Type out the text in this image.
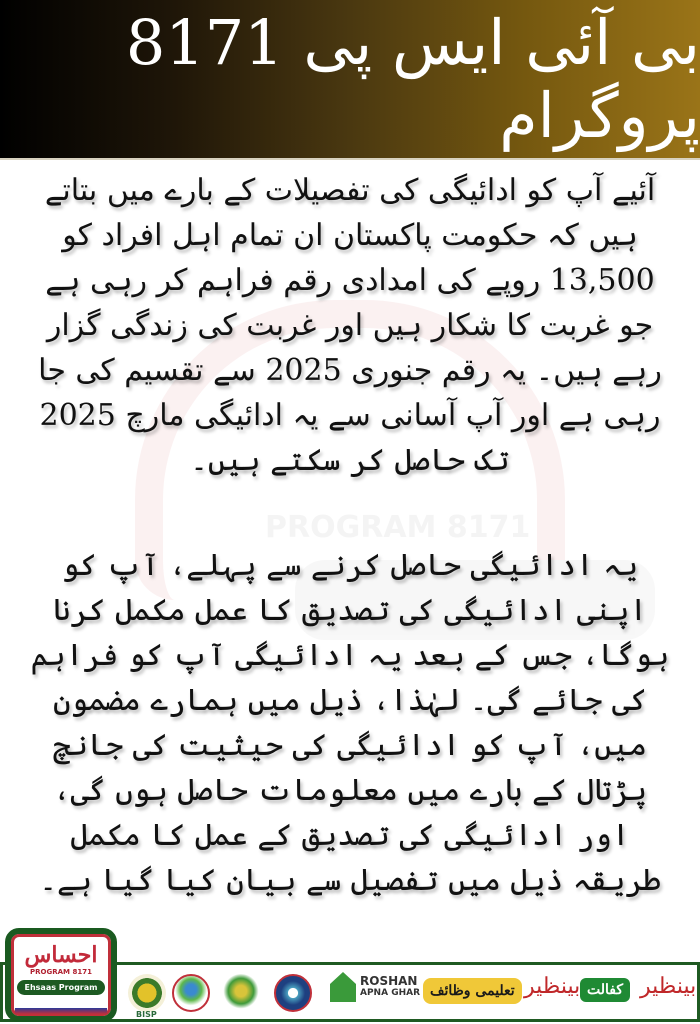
بی آئی ایس پی 8171 پروگرام
PROGRAM 8171

آئیے آپ کو ادائیگی کی تفصیلات کے بارے میں بتاتے ہیں کہ حکومت پاکستان ان تمام اہل افراد کو 13,500 روپے کی امدادی رقم فراہم کر رہی ہے جو غربت کا شکار ہیں اور غربت کی زندگی گزار رہے ہیں۔ یہ رقم جنوری 2025 سے تقسیم کی جا رہی ہے اور آپ آسانی سے یہ ادائیگی مارچ 2025 تک حاصل کر سکتے ہیں۔

یہ ادائیگی حاصل کرنے سے پہلے، آپ کو اپنی ادائیگی کی تصدیق کا عمل مکمل کرنا ہوگا، جس کے بعد یہ ادائیگی آپ کو فراہم کی جائے گی۔ لہٰذا، ذیل میں ہمارے مضمون میں، آپ کو ادائیگی کی حیثیت کی جانچ پڑتال کے بارے میں معلومات حاصل ہوں گی، اور ادائیگی کی تصدیق کے عمل کا مکمل طریقہ ذیل میں تفصیل سے بیان کیا گیا ہے۔

احساس
PROGRAM 8171
Ehsaas Program
BISP
ROSHAN
APNA GHAR تعلیمی وظائف بینظیر کفالت بینظیر
